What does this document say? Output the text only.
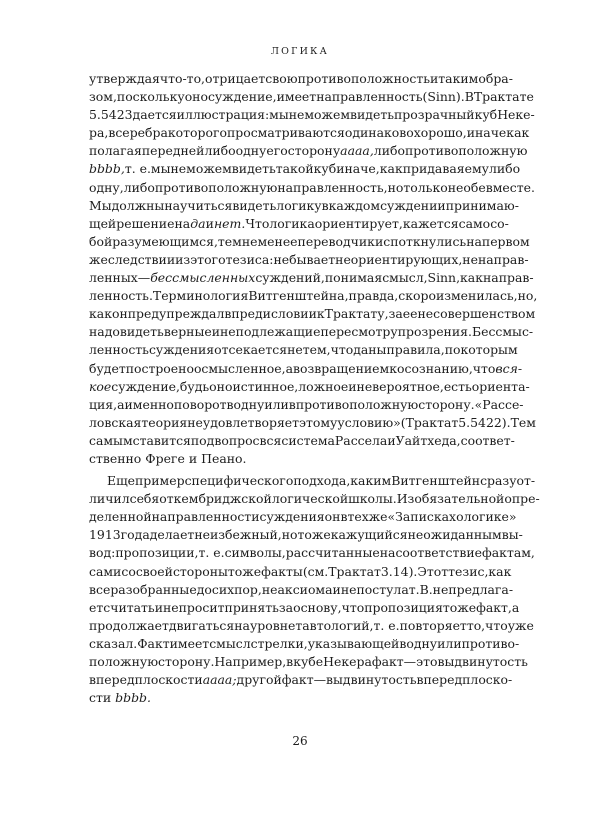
ЛОГИКА
утверждая что-то, отрицает свою противоположность и таким обра-
зом, поскольку оно суждение, имеет направленность (Sinn). В Трактате
5.5423 дается иллюстрация: мы не можем видеть прозрачный куб Неке-
ра, все ребра которого просматриваются одинаково хорошо, иначе как
полагая передней либо одну его сторону aaaa, либо противоположную
bbbb, т. е. мы не можем видеть такой куб иначе, как придавая ему либо
одну, либо противоположную направленность, но только не обе вместе.
Мы должны научиться видеть логику в каждом суждении принимаю-
щей решение на да и нет. Что логика ориентирует, кажется само со-
бой разумеющимся, тем не менее переводчики споткнулись на первом
же следствии из этого тезиса: не бывает неориентирующих, ненаправ-
ленных — бессмысленных суждений, понимая смысл, Sinn, как направ-
ленность. Терминология Витгенштейна, правда, скоро изменилась, но,
как он предупреждал в предисловии к Трактату, за ее несовершенством
надо видеть верные и не подлежащие пересмотру прозрения. Бессмыс-
ленность суждения отсекается не тем, что даны правила, по которым
будет построено осмысленное, а возвращением к осознанию, что вся-
кое суждение, будь оно истинное, ложное и невероятное, есть ориента-
ция, а именно поворот в одну или в противоположную сторону. «Рассе-
ловская теория не удовлетворяет этому условию» (Трактат 5.5422). Тем
самым ставится под вопрос вся система Рассела и Уайтхеда, соответ-
ственно Фреге и Пеано.
Еще пример специфического подхода, каким Витгенштейн сразу от-
личил себя от кембриджской логической школы. Из обязательной опре-
деленной направленности суждения он в тех же «Записках о логике»
1913 года делает неизбежный, но тоже кажущийся неожиданным вы-
вод: пропозиции, т. е. символы, рассчитанные на соответствие фактам,
сами со своей стороны тоже факты (см. Трактат 3.14). Этот тезис, как
все разобранные до сих пор, не аксиома и не постулат. В. не предлага-
ет считать и не просит принять за основу, что пропозиция тоже факт, а
продолжает двигаться на уровне тавтологий, т. е. повторяет то, что уже
сказал. Факт имеет смысл стрелки, указывающей в одну или противо-
положную сторону. Например, в кубе Некера факт — это выдвинутость
вперед плоскости aaaa; другой факт — выдвинутость вперед плоско-
сти bbbb.
26
